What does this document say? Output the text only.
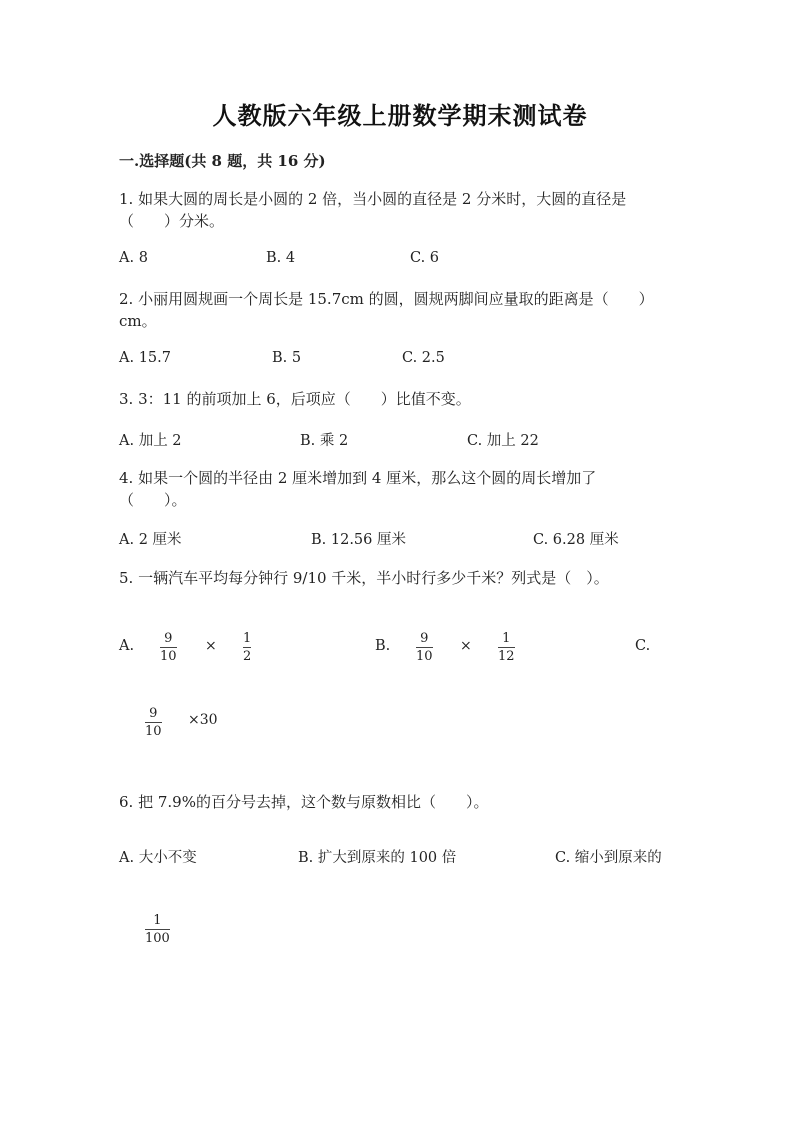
人教版六年级上册数学期末测试卷
一.选择题(共 8 题，共 16 分)
1. 如果大圆的周长是小圆的 2 倍，当小圆的直径是 2 分米时，大圆的直径是
（　　）分米。
A. 8	B. 4	C. 6
2. 小丽用圆规画一个周长是 15.7cm 的圆，圆规两脚间应量取的距离是（　　）
cm。
A. 15.7	B. 5	C. 2.5
3. 3：11 的前项加上 6，后项应（　　）比值不变。
A. 加上 2	B. 乘 2	C. 加上 22
4. 如果一个圆的半径由 2 厘米增加到 4 厘米，那么这个圆的周长增加了
（　　）。
A. 2 厘米	B. 12.56 厘米	C. 6.28 厘米
5. 一辆汽车平均每分钟行 9/10 千米，半小时行多少千米？列式是（　）。
A. 9
10
× 1
2
B. 9
10
× 1
12
C.
9
10
×30
6. 把 7.9%的百分号去掉，这个数与原数相比（　　）。
A. 大小不变	B. 扩大到原来的 100 倍	C. 缩小到原来的
1
100
